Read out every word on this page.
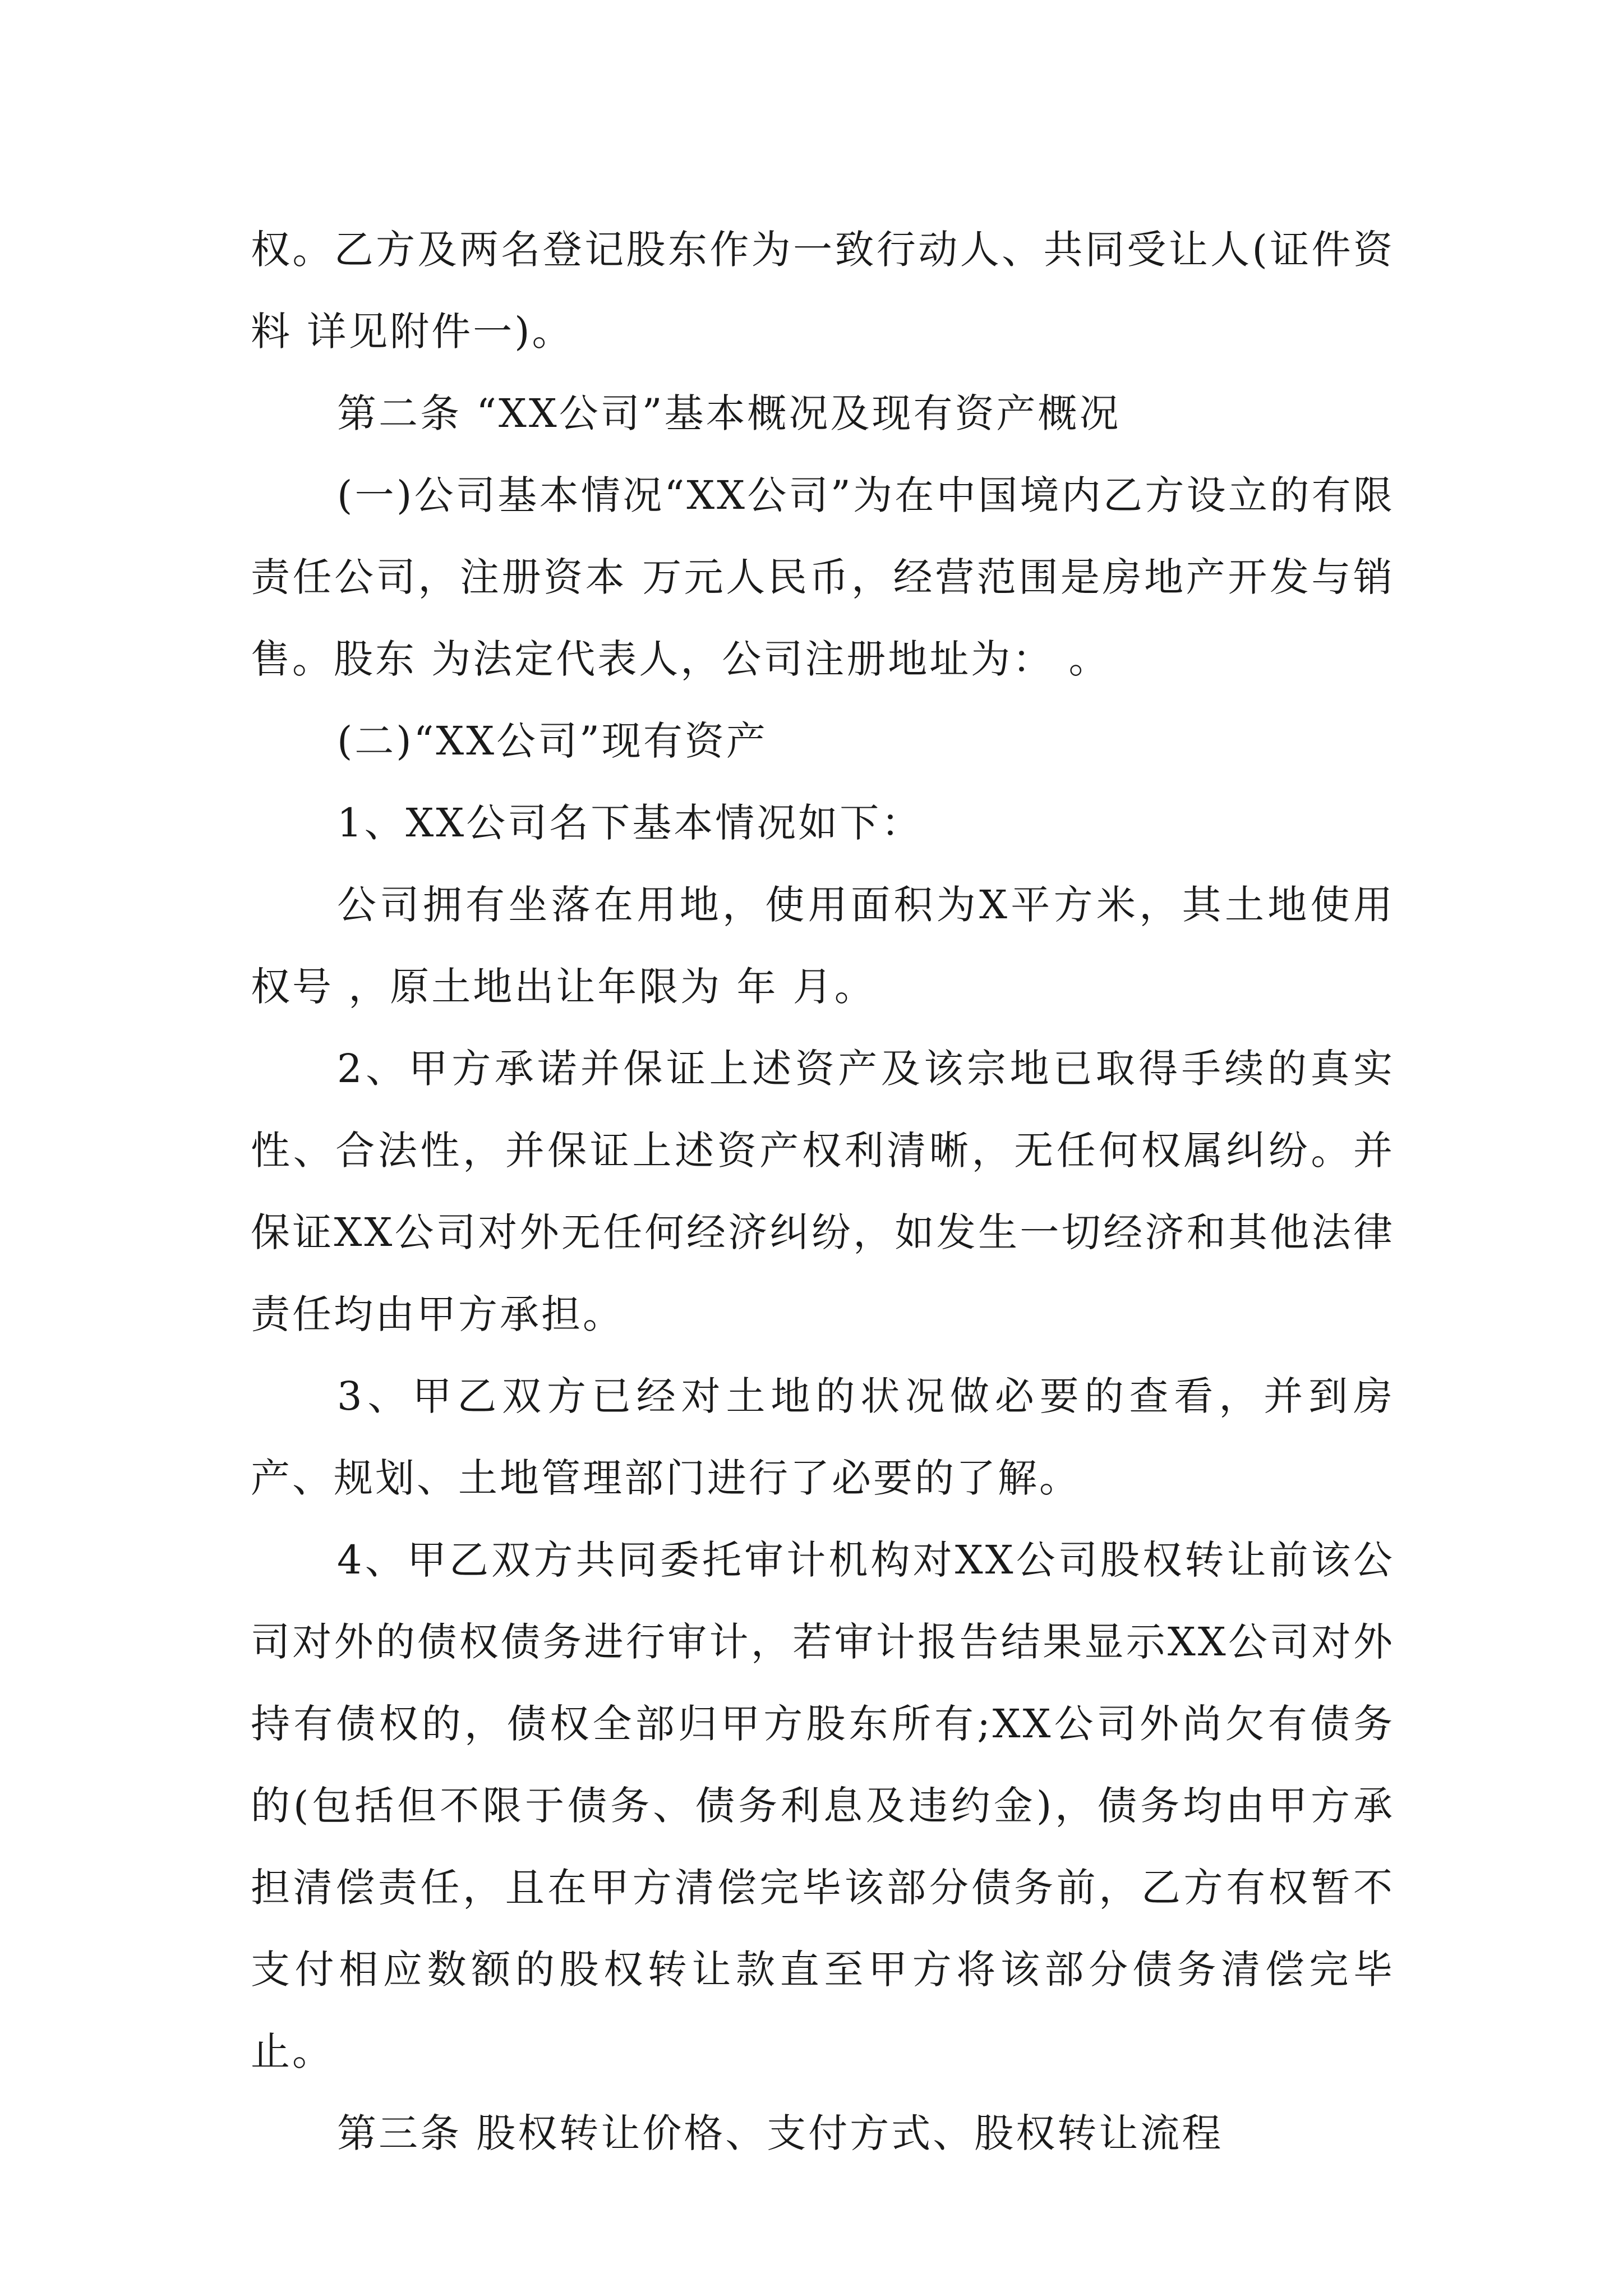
权。乙方及两名登记股东作为一致行动人、共同受让人(证件资料 详见附件一)。

第二条 “XX公司”基本概况及现有资产概况

(一)公司基本情况“XX公司”为在中国境内乙方设立的有限责任公司，注册资本 万元人民币，经营范围是房地产开发与销售。股东 为法定代表人，公司注册地址为： 。

(二)“XX公司”现有资产

1、XX公司名下基本情况如下：

公司拥有坐落在用地，使用面积为X平方米，其土地使用权号 ，原土地出让年限为 年 月。

2、甲方承诺并保证上述资产及该宗地已取得手续的真实性、合法性，并保证上述资产权利清晰，无任何权属纠纷。并保证XX公司对外无任何经济纠纷，如发生一切经济和其他法律责任均由甲方承担。

3、甲乙双方已经对土地的状况做必要的查看，并到房产、规划、土地管理部门进行了必要的了解。

4、甲乙双方共同委托审计机构对XX公司股权转让前该公司对外的债权债务进行审计，若审计报告结果显示XX公司对外持有债权的，债权全部归甲方股东所有;XX公司外尚欠有债务的(包括但不限于债务、债务利息及违约金)，债务均由甲方承担清偿责任，且在甲方清偿完毕该部分债务前，乙方有权暂不支付相应数额的股权转让款直至甲方将该部分债务清偿完毕止。

第三条 股权转让价格、支付方式、股权转让流程
